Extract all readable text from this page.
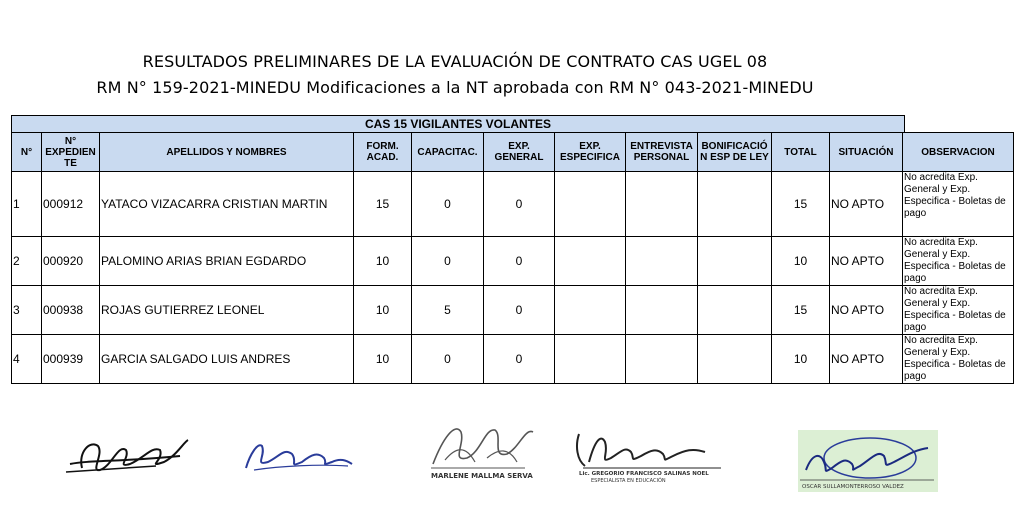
RESULTADOS PRELIMINARES DE LA EVALUACIÓN DE CONTRATO CAS UGEL 08
RM N° 159-2021-MINEDU Modificaciones a la NT aprobada con RM N° 043-2021-MINEDU
CAS 15 VIGILANTES VOLANTES
N°	N° EXPEDIEN TE	APELLIDOS Y NOMBRES	FORM. ACAD.	CAPACITAC.	EXP. GENERAL	EXP. ESPECIFICA	ENTREVISTA PERSONAL	BONIFICACIÓ N ESP DE LEY	TOTAL	SITUACIÓN	OBSERVACION
1	000912	YATACO VIZACARRA CRISTIAN MARTIN	15	0	0				15	NO APTO	No acredita Exp. General y Exp. Especifica - Boletas de pago

2	000920	PALOMINO ARIAS BRIAN EGDARDO	10	0	0				10	NO APTO	No acredita Exp. General y Exp. Especifica - Boletas de pago

3	000938	ROJAS GUTIERREZ LEONEL	10	5	0				15	NO APTO	No acredita Exp. General y Exp. Especifica - Boletas de pago

4	000939	GARCIA SALGADO LUIS ANDRES	10	0	0				10	NO APTO	No acredita Exp. General y Exp. Especifica - Boletas de pago
MARLENE MALLMA SERVA	Lic. GREGORIO FRANCISCO SALINAS NOEL
ESPECIALISTA EN EDUCACIÓN
OSCAR SULLAMONTERROSO VALDEZ
